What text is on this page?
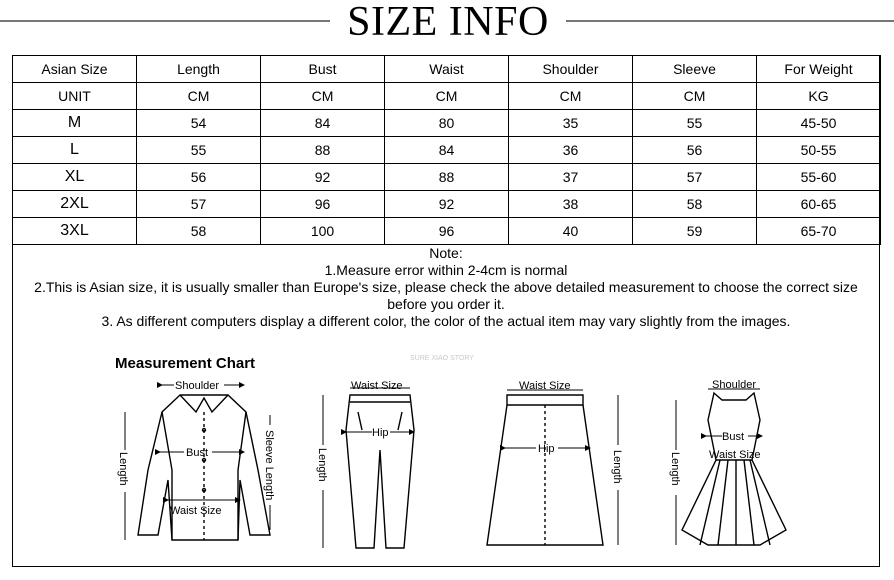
SIZE INFO
Asian Size	Length	Bust	Waist	Shoulder	Sleeve	For Weight
UNIT	CM	CM	CM	CM	CM	KG
M	54	84	80	35	55	45-50
L	55	88	84	36	56	50-55
XL	56	92	88	37	57	55-60
2XL	57	96	92	38	58	60-65
3XL	58	100	96	40	59	65-70
Note:
1.Measure error within 2-4cm is normal
2.This is Asian size, it is usually smaller than Europe's size, please check the above detailed measurement to choose the correct size
before you order it.
3. As different computers display a different color, the color of the actual item may vary slightly from the images.
Measurement Chart	SURE XIAO STORY
Shoulder
Bust
Waist Size
Length	Sleeve Length
Waist Size
Hip
Length
Waist Size
Hip
Length
Shoulder
Bust
Waist Size
Length
